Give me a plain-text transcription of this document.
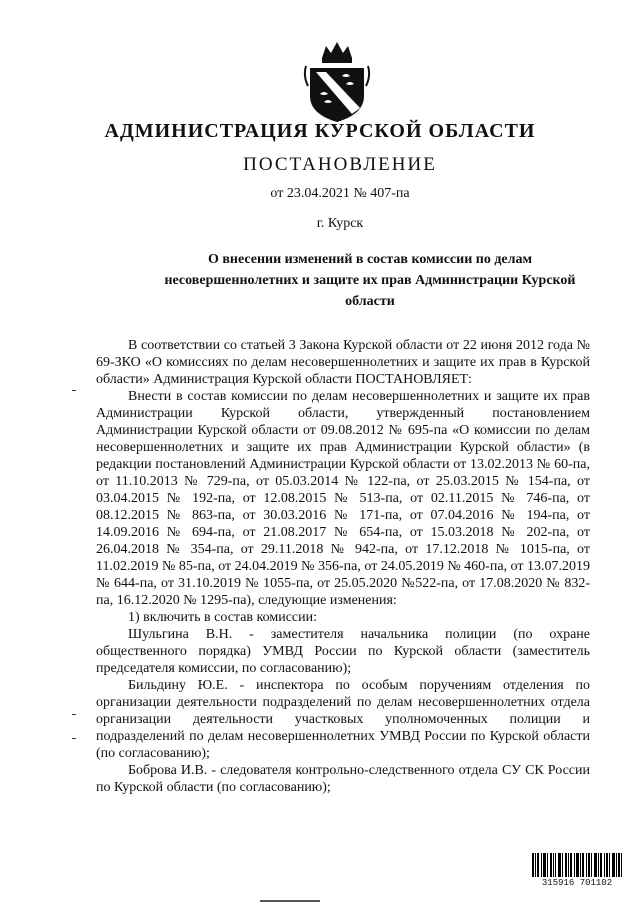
АДМИНИСТРАЦИЯ КУРСКОЙ ОБЛАСТИ
ПОСТАНОВЛЕНИЕ
от 23.04.2021 № 407-па
г. Курск
О внесении изменений в состав комиссии по делам
несовершеннолетних и защите их прав Администрации Курской
области

В соответствии со статьей 3 Закона Курской области от 22 июня 2012 года № 69-ЗКО «О комиссиях по делам несовершеннолетних и защите их прав в Курской области» Администрация Курской области ПОСТАНОВЛЯЕТ:

Внести в состав комиссии по делам несовершеннолетних и защите их прав Администрации Курской области, утвержденный постановлением Администрации Курской области от 09.08.2012 № 695-па «О комиссии по делам несовершеннолетних и защите их прав Администрации Курской области» (в редакции постановлений Администрации Курской области от 13.02.2013 № 60-па, от 11.10.2013 № 729-па, от 05.03.2014 № 122-па, от 25.03.2015 № 154-па, от 03.04.2015 № 192-па, от 12.08.2015 № 513-па, от 02.11.2015 № 746-па, от 08.12.2015 № 863-па, от 30.03.2016 № 171-па, от 07.04.2016 № 194-па, от 14.09.2016 № 694-па, от 21.08.2017 № 654-па, от 15.03.2018 № 202-па, от 26.04.2018 № 354-па, от 29.11.2018 № 942-па, от 17.12.2018 № 1015-па, от 11.02.2019 № 85-па, от 24.04.2019 № 356-па, от 24.05.2019 № 460-па, от 13.07.2019 № 644-па, от 31.10.2019 № 1055-па, от 25.05.2020 №522-па, от 17.08.2020 № 832-па, 16.12.2020 № 1295-па), следующие изменения:

1) включить в состав комиссии:

Шульгина В.Н. - заместителя начальника полиции (по охране общественного порядка) УМВД России по Курской области (заместитель председателя комиссии, по согласованию);

Бильдину Ю.Е. - инспектора по особым поручениям отделения по организации деятельности подразделений по делам несовершеннолетних отдела организации деятельности участковых уполномоченных полиции и подразделений по делам несовершеннолетних УМВД России по Курской области (по согласованию);

Боброва И.В. - следователя контрольно-следственного отдела СУ СК России по Курской области (по согласованию);

315916 701102
